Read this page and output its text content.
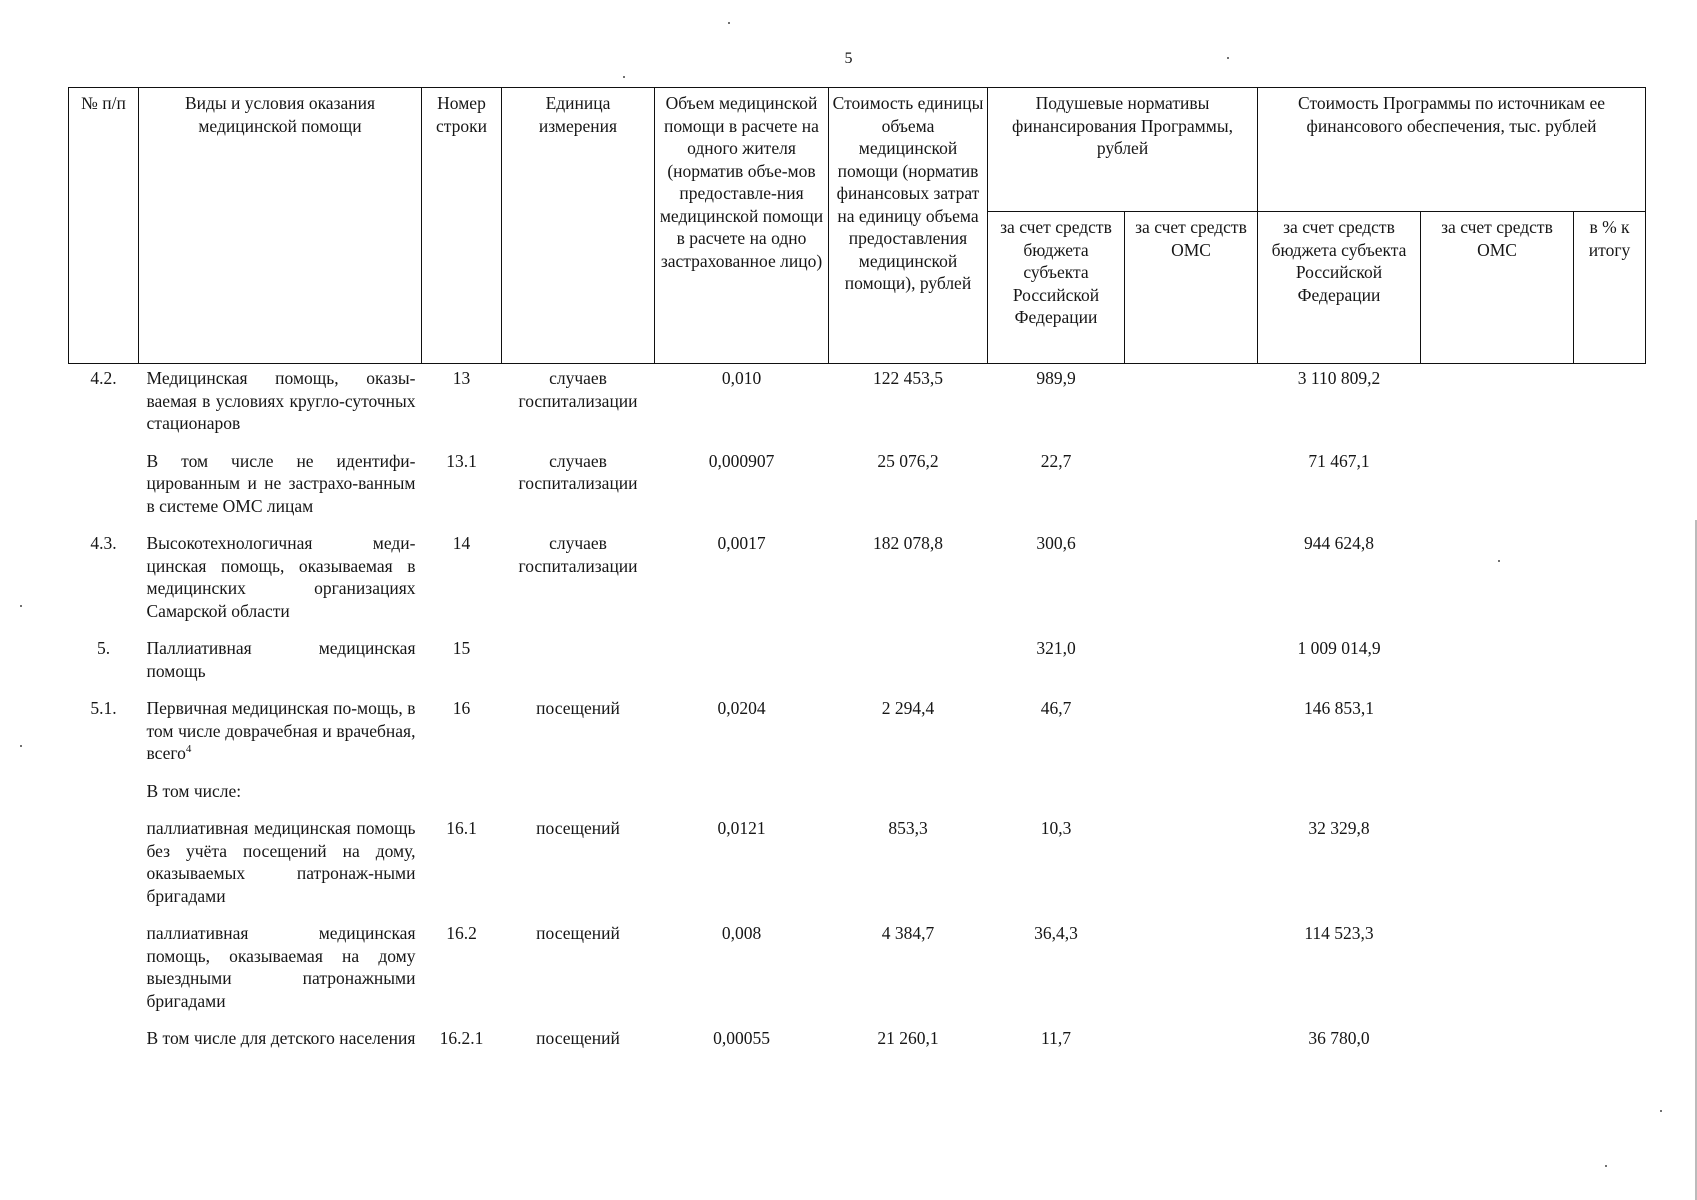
5
№ п/п	Виды и условия оказания медицинской помощи	Номер строки	Единица измерения	Объем медицинской помощи в расчете на одного жителя (норматив объе-мов предоставле-ния медицинской помощи в расчете на одно застрахованное лицо)	Стоимость единицы объема медицинской помощи (норматив финансовых затрат на единицу объема предоставления медицинской помощи), рублей	Подушевые нормативы финансирования Программы, рублей		Стоимость Программы по источникам ее финансового обеспечения, тыс. рублей		
						за счет средств бюджета субъекта Российской Федерации	за счет средств ОМС	за счет средств бюджета субъекта Российской Федерации	за счет средств ОМС	в % к итогу
4.2.	Медицинская помощь, оказы-ваемая в условиях кругло-суточных стационаров	13	случаев госпитализации	0,010	122 453,5	989,9		3 110 809,2		
	В том числе не идентифи-цированным и не застрахо-ванным в системе ОМС лицам	13.1	случаев госпитализации	0,000907	25 076,2	22,7		71 467,1		
4.3.	Высокотехнологичная меди-цинская помощь, оказываемая в медицинских организациях Самарской области	14	случаев госпитализации	0,0017	182 078,8	300,6		944 624,8		
5.	Паллиативная медицинская помощь	15				321,0		1 009 014,9		
5.1.	Первичная медицинская по-мощь, в том числе доврачебная и врачебная, всего$^4$	16	посещений	0,0204	2 294,4	46,7		146 853,1		
	В том числе:									
	паллиативная медицинская помощь без учёта посещений на дому, оказываемых патронаж-ными бригадами	16.1	посещений	0,0121	853,3	10,3		32 329,8		
	паллиативная медицинская помощь, оказываемая на дому выездными патронажными бригадами	16.2	посещений	0,008	4 384,7	36,4,3		114 523,3		
	В том числе для детского населения	16.2.1	посещений	0,00055	21 260,1	11,7		36 780,0		
